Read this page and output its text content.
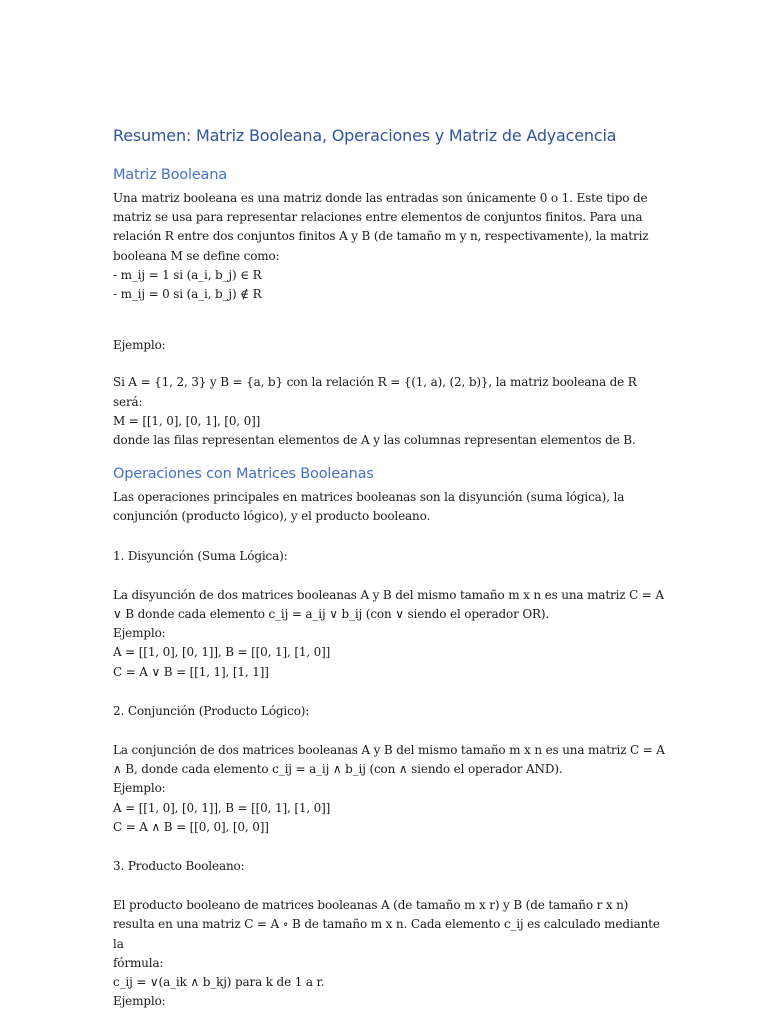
Resumen: Matriz Booleana, Operaciones y Matriz de Adyacencia
Matriz Booleana

Una matriz booleana es una matriz donde las entradas son únicamente 0 o 1. Este tipo de

matriz se usa para representar relaciones entre elementos de conjuntos finitos. Para una

relación R entre dos conjuntos finitos A y B (de tamaño m y n, respectivamente), la matriz

booleana M se define como:

- m_ij = 1 si (a_i, b_j) ∈ R

- m_ij = 0 si (a_i, b_j) ∉ R

Ejemplo:

Si A = {1, 2, 3} y B = {a, b} con la relación R = {(1, a), (2, b)}, la matriz booleana de R será:

M = [[1, 0], [0, 1], [0, 0]]

donde las filas representan elementos de A y las columnas representan elementos de B.

Operaciones con Matrices Booleanas

Las operaciones principales en matrices booleanas son la disyunción (suma lógica), la

conjunción (producto lógico), y el producto booleano.

1. Disyunción (Suma Lógica):

La disyunción de dos matrices booleanas A y B del mismo tamaño m x n es una matriz C = A

∨ B donde cada elemento c_ij = a_ij ∨ b_ij (con ∨ siendo el operador OR).

Ejemplo:

A = [[1, 0], [0, 1]], B = [[0, 1], [1, 0]]

C = A ∨ B = [[1, 1], [1, 1]]

2. Conjunción (Producto Lógico):

La conjunción de dos matrices booleanas A y B del mismo tamaño m x n es una matriz C = A

∧ B, donde cada elemento c_ij = a_ij ∧ b_ij (con ∧ siendo el operador AND).

Ejemplo:

A = [[1, 0], [0, 1]], B = [[0, 1], [1, 0]]

C = A ∧ B = [[0, 0], [0, 0]]

3. Producto Booleano:

El producto booleano de matrices booleanas A (de tamaño m x r) y B (de tamaño r x n)

resulta en una matriz C = A ∘ B de tamaño m x n. Cada elemento c_ij es calculado mediante la

fórmula:

c_ij = ∨(a_ik ∧ b_kj) para k de 1 a r.

Ejemplo:
